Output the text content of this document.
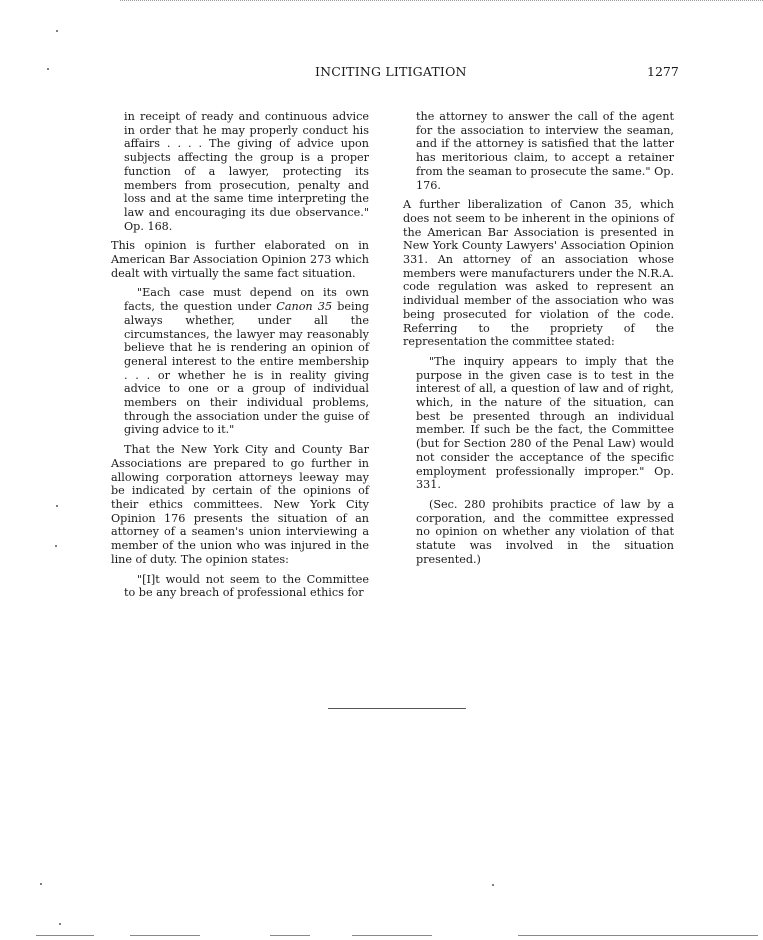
INCITING LITIGATION	1277

in receipt of ready and continuous advice in order that he may properly conduct his affairs . . . . The giving of advice upon subjects affecting the group is a proper function of a lawyer, protecting its members from prosecution, penalty and loss and at the same time interpreting the law and encouraging its due observance." Op. 168.

This opinion is further elaborated on in American Bar Association Opinion 273 which dealt with virtually the same fact situation.

"Each case must depend on its own facts, the question under Canon 35 being always whether, under all the circumstances, the lawyer may reasonably believe that he is rendering an opinion of general interest to the entire membership . . . or whether he is in reality giving advice to one or a group of individual members on their individual problems, through the association under the guise of giving advice to it."

That the New York City and County Bar Associations are prepared to go further in allowing corporation attorneys leeway may be indicated by certain of the opinions of their ethics committees. New York City Opinion 176 presents the situation of an attorney of a seamen's union interviewing a member of the union who was injured in the line of duty. The opinion states:

"[I]t would not seem to the Committee to be any breach of professional ethics for

the attorney to answer the call of the agent for the association to interview the seaman, and if the attorney is satisfied that the latter has meritorious claim, to accept a retainer from the seaman to prosecute the same." Op. 176.

A further liberalization of Canon 35, which does not seem to be inherent in the opinions of the American Bar Association is presented in New York County Lawyers' Association Opinion 331. An attorney of an association whose members were manufacturers under the N.R.A. code regulation was asked to represent an individual member of the association who was being prosecuted for violation of the code. Referring to the propriety of the representation the committee stated:

"The inquiry appears to imply that the purpose in the given case is to test in the interest of all, a question of law and of right, which, in the nature of the situation, can best be presented through an individual member. If such be the fact, the Committee (but for Section 280 of the Penal Law) would not consider the acceptance of the specific employment professionally improper." Op. 331.

(Sec. 280 prohibits practice of law by a corporation, and the committee expressed no opinion on whether any violation of that statute was involved in the situation presented.)
